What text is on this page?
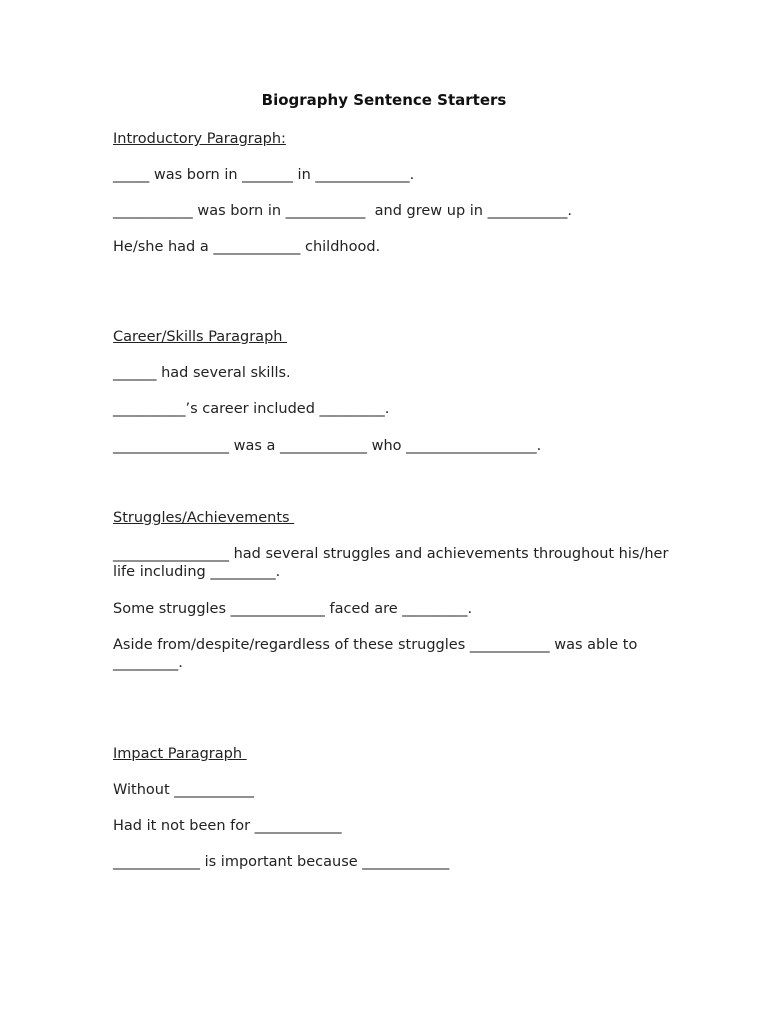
Biography Sentence Starters
Introductory Paragraph:
_____ was born in _______ in _____________.
___________ was born in ___________  and grew up in ___________.
He/she had a ____________ childhood.
Career/Skills Paragraph
______ had several skills.
__________’s career included _________.
________________ was a ____________ who __________________.
Struggles/Achievements
________________ had several struggles and achievements throughout his/her life including _________.
Some struggles _____________ faced are _________.
Aside from/despite/regardless of these struggles ___________ was able to _________.
Impact Paragraph
Without ___________
Had it not been for ____________
____________ is important because ____________
